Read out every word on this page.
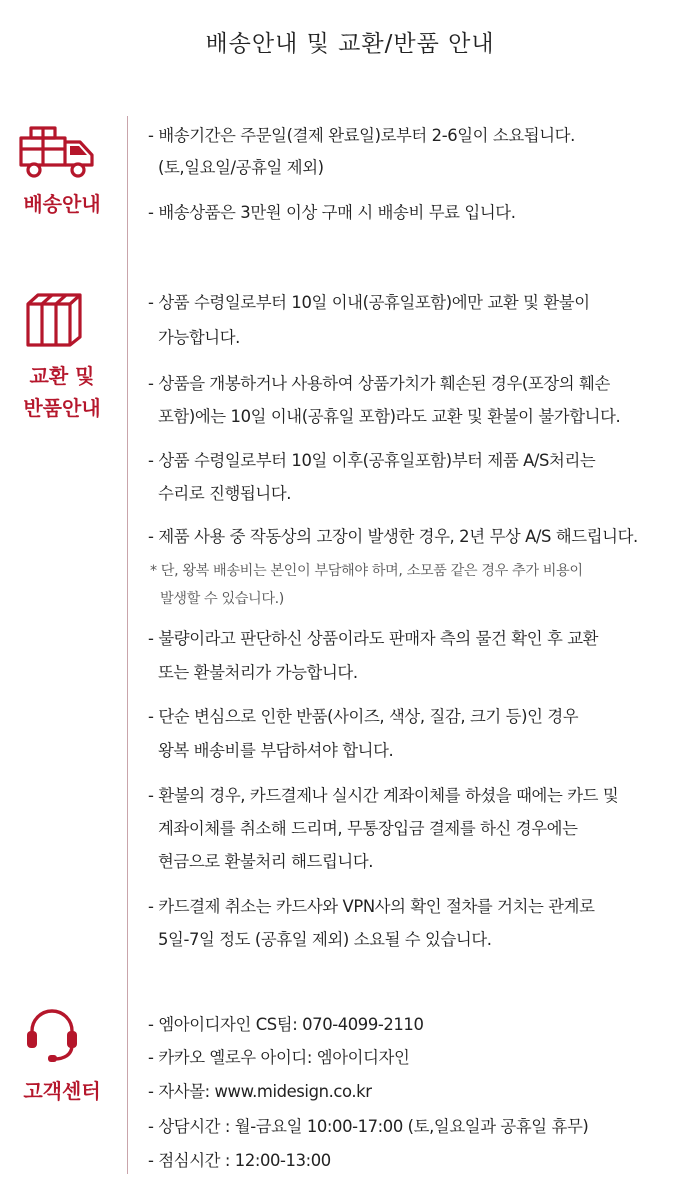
배송안내 및 교환/반품 안내
배송안내
- 배송기간은 주문일(결제 완료일)로부터 2-6일이 소요됩니다.
(토,일요일/공휴일 제외)
- 배송상품은 3만원 이상 구매 시 배송비 무료 입니다.
교환 및
반품안내
- 상품 수령일로부터 10일 이내(공휴일포함)에만 교환 및 환불이
가능합니다.
- 상품을 개봉하거나 사용하여 상품가치가 훼손된 경우(포장의 훼손
포함)에는 10일 이내(공휴일 포함)라도 교환 및 환불이 불가합니다.
- 상품 수령일로부터 10일 이후(공휴일포함)부터 제품 A/S처리는
수리로 진행됩니다.
- 제품 사용 중 작동상의 고장이 발생한 경우, 2년 무상 A/S 해드립니다.
* 단, 왕복 배송비는 본인이 부담해야 하며, 소모품 같은 경우 추가 비용이
발생할 수 있습니다.)
- 불량이라고 판단하신 상품이라도 판매자 측의 물건 확인 후 교환
또는 환불처리가 가능합니다.
- 단순 변심으로 인한 반품(사이즈, 색상, 질감, 크기 등)인 경우
왕복 배송비를 부담하셔야 합니다.
- 환불의 경우, 카드결제나 실시간 계좌이체를 하셨을 때에는 카드 및
계좌이체를 취소해 드리며, 무통장입금 결제를 하신 경우에는
현금으로 환불처리 해드립니다.
- 카드결제 취소는 카드사와 VPN사의 확인 절차를 거치는 관계로
5일-7일 정도 (공휴일 제외) 소요될 수 있습니다.
고객센터
- 엠아이디자인 CS팀: 070-4099-2110
- 카카오 옐로우 아이디: 엠아이디자인
- 자사몰: www.midesign.co.kr
- 상담시간 : 월-금요일 10:00-17:00 (토,일요일과 공휴일 휴무)
- 점심시간 : 12:00-13:00
